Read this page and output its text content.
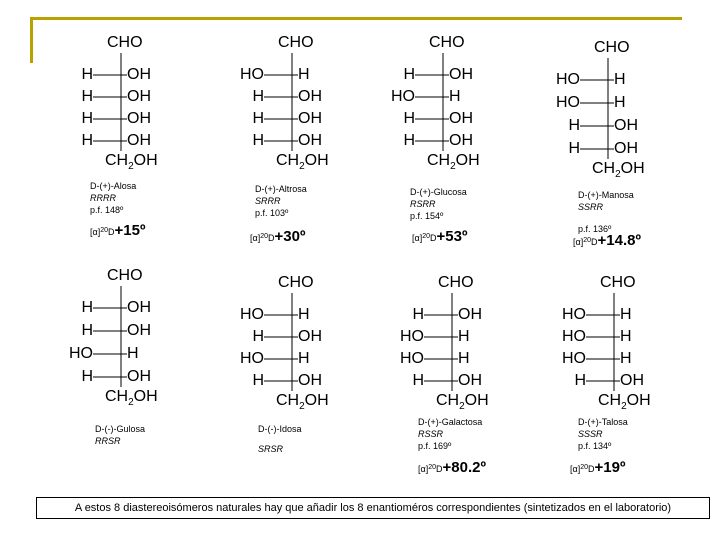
CHO
H OH
H OH
H OH
H OH
$CH_2OH$
CHO
HO H
H OH
H OH
H OH
$CH_2OH$
CHO
H OH
HO H
H OH
H OH
$CH_2OH$
CHO
HO H
HO H
H OH
H OH
$CH_2OH$
CHO
H OH
H OH
HO H
H OH
$CH_2OH$
CHO
HO H
H OH
HO H
H OH
$CH_2OH$
CHO
H OH
HO H
HO H
H OH
$CH_2OH$
CHO
HO H
HO H
HO H
H OH
$CH_2OH$
D-(+)-Alosa
RRRR
p.f. 148º
D-(+)-Altrosa
SRRR
p.f. 103º
D-(+)-Glucosa
RSRR
p.f. 154º
D-(+)-Manosa
SSRR
p.f. 136º
$[\alpha]^{20}D+15º$	$[\alpha]^{20}D+30º$	$[\alpha]^{20}D+53º$	$[\alpha]^{20}D+14.8º$
D-(-)-Gulosa
RRSR
D-(-)-Idosa
SRSR
D-(+)-Galactosa
RSSR
p.f. 169º
D-(+)-Talosa
SSSR
p.f. 134º
$[\alpha]^{20}D+80.2º$	$[\alpha]^{20}D+19º$
A estos 8 diastereoisómeros naturales hay que añadir los 8 enantioméros correspondientes (sintetizados en el laboratorio)
